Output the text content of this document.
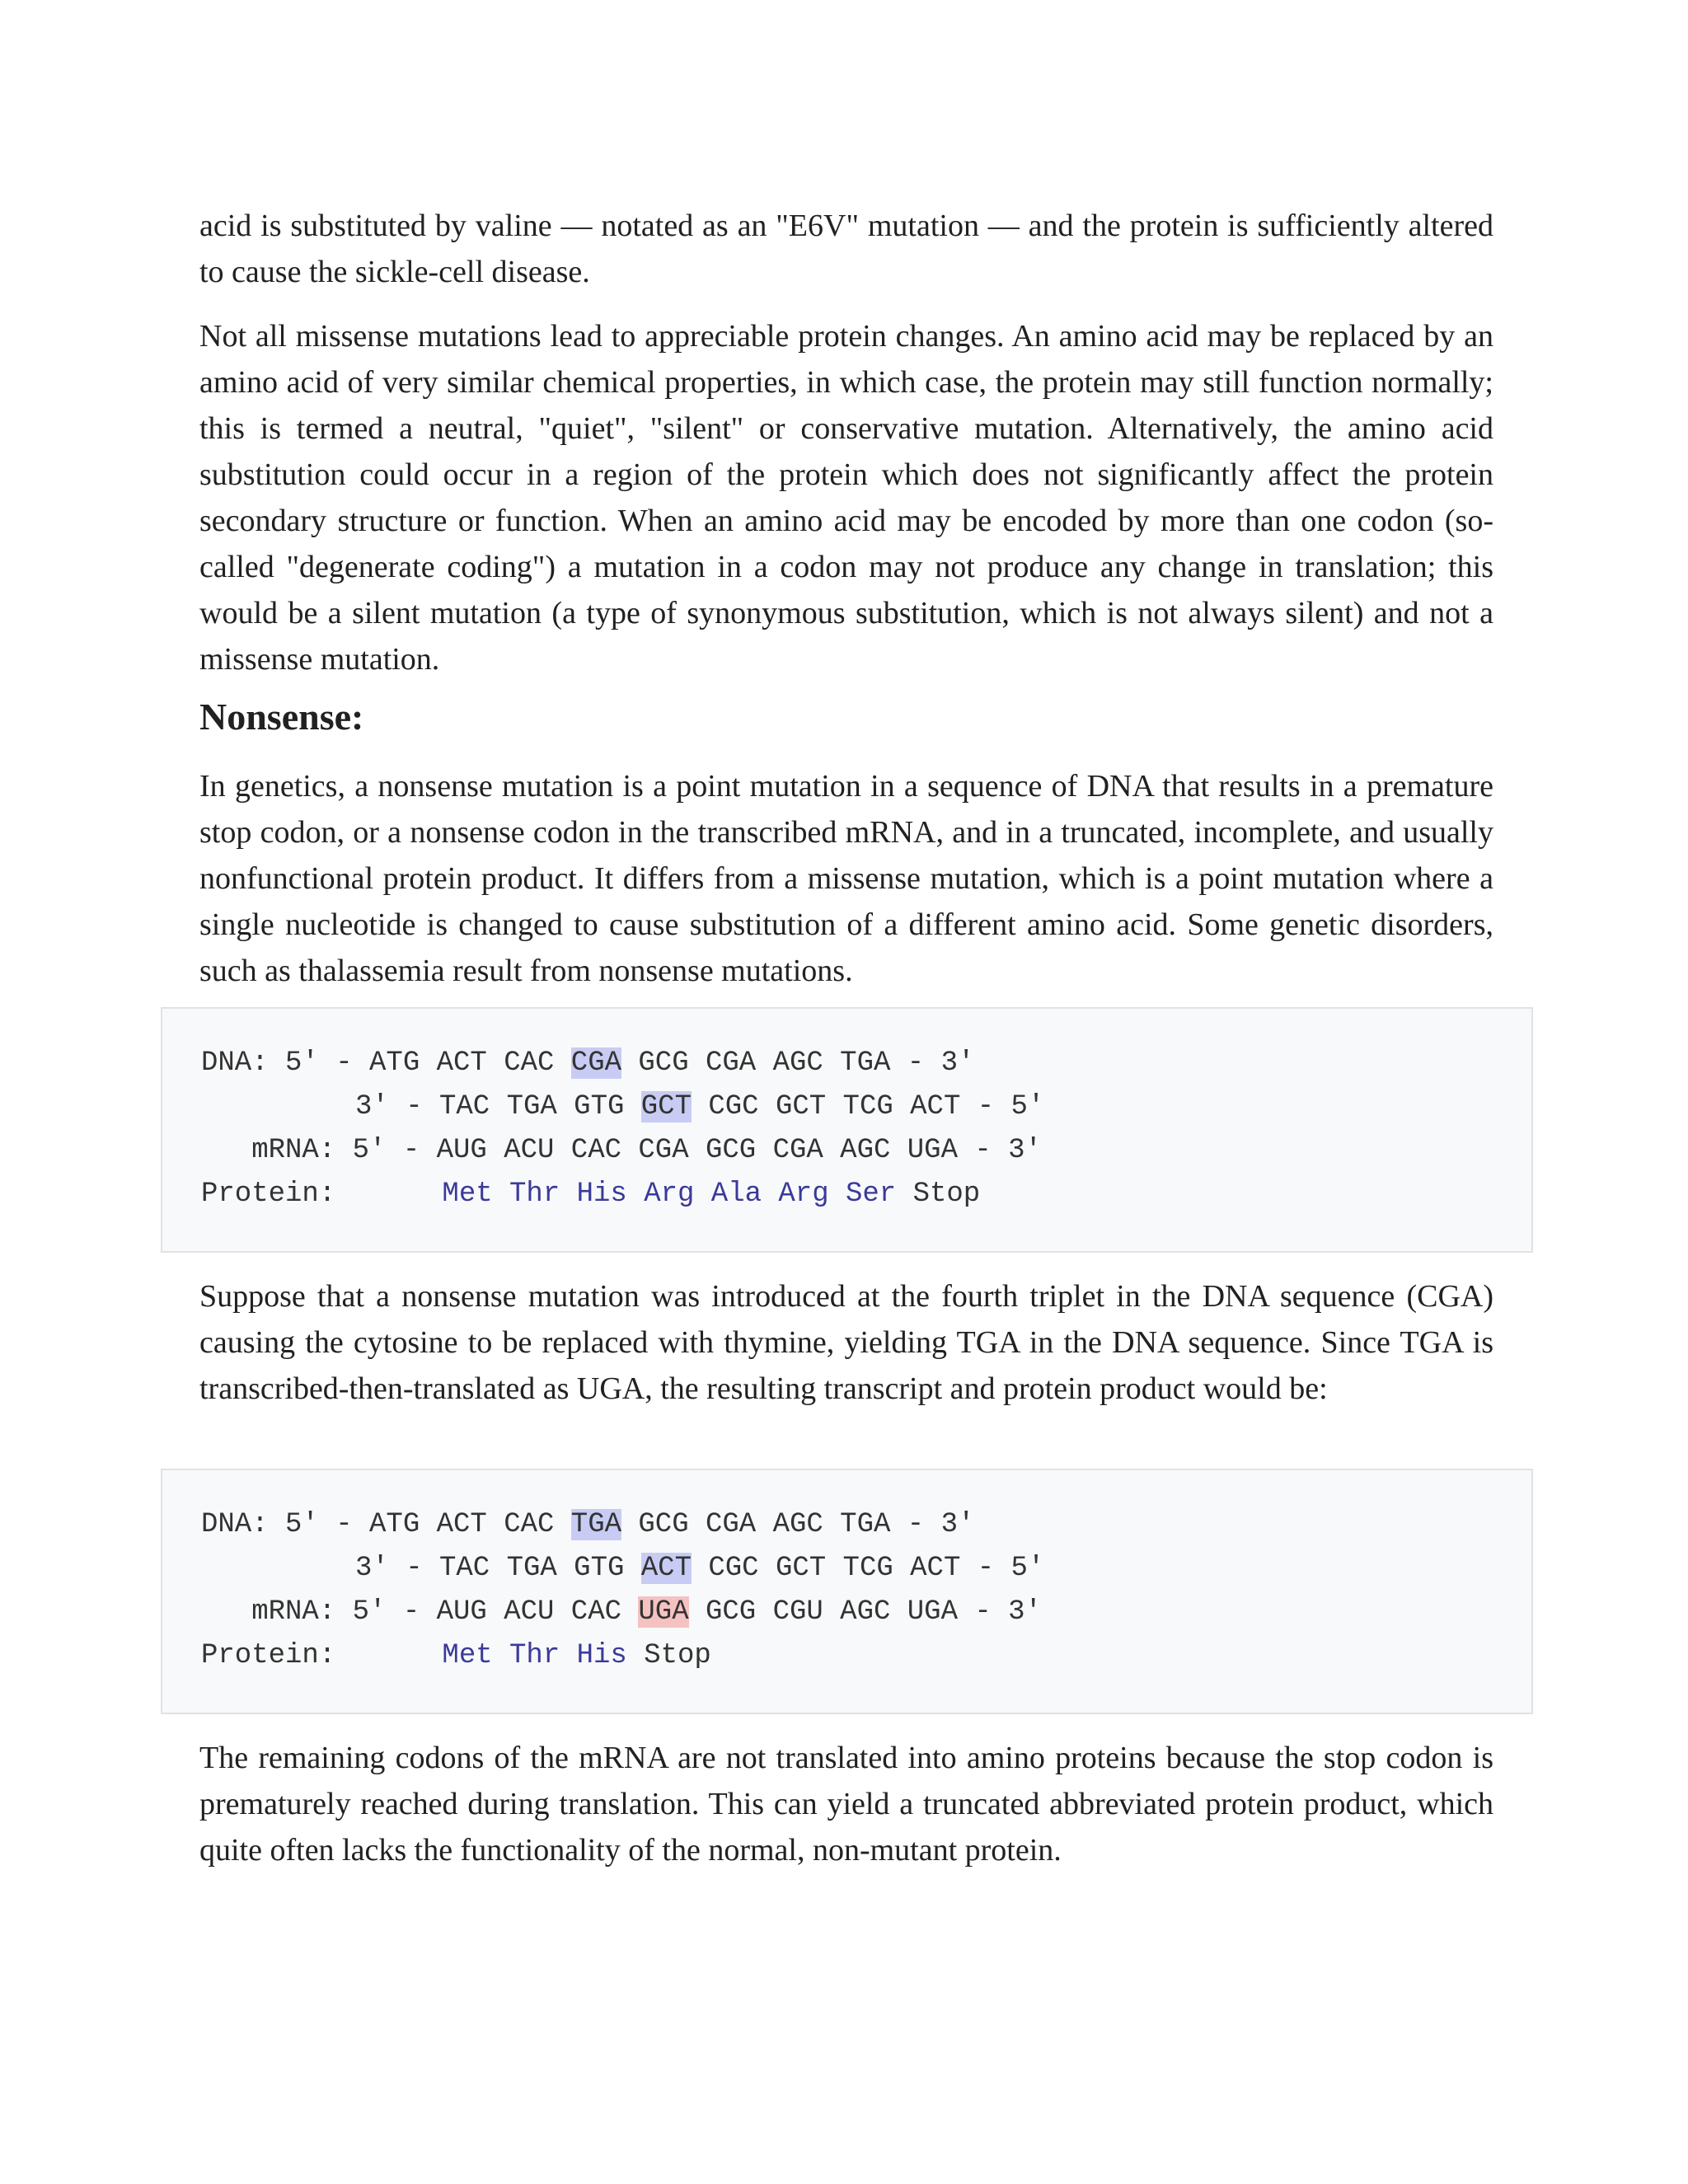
acid is substituted by valine — notated as an "E6V" mutation — and the protein is sufficiently altered to cause the sickle-cell disease.

Not all missense mutations lead to appreciable protein changes. An amino acid may be replaced by an amino acid of very similar chemical properties, in which case, the protein may still function normally; this is termed a neutral, "quiet", "silent" or conservative mutation. Alternatively, the amino acid substitution could occur in a region of the protein which does not significantly affect the protein secondary structure or function. When an amino acid may be encoded by more than one codon (so-called "degenerate coding") a mutation in a codon may not produce any change in translation; this would be a silent mutation (a type of synonymous substitution, which is not always silent) and not a missense mutation.

Nonsense:

In genetics, a nonsense mutation is a point mutation in a sequence of DNA that results in a premature stop codon, or a nonsense codon in the transcribed mRNA, and in a truncated, incomplete, and usually nonfunctional protein product. It differs from a missense mutation, which is a point mutation where a single nucleotide is changed to cause substitution of a different amino acid. Some genetic disorders, such as thalassemia result from nonsense mutations.

DNA: 5' - ATG ACT CAC CGA GCG CGA AGC TGA - 3'
3' - TAC TGA GTG GCT CGC GCT TCG ACT - 5'
mRNA: 5' - AUG ACU CAC CGA GCG CGA AGC UGA - 3'
Protein:	Met Thr His Arg Ala Arg Ser Stop

Suppose that a nonsense mutation was introduced at the fourth triplet in the DNA sequence (CGA) causing the cytosine to be replaced with thymine, yielding TGA in the DNA sequence. Since TGA is transcribed-then-translated as UGA, the resulting transcript and protein product would be:

DNA: 5' - ATG ACT CAC TGA GCG CGA AGC TGA - 3'
3' - TAC TGA GTG ACT CGC GCT TCG ACT - 5'
mRNA: 5' - AUG ACU CAC UGA GCG CGU AGC UGA - 3'
Protein:	Met Thr His Stop

The remaining codons of the mRNA are not translated into amino proteins because the stop codon is prematurely reached during translation. This can yield a truncated abbreviated protein product, which quite often lacks the functionality of the normal, non-mutant protein.
